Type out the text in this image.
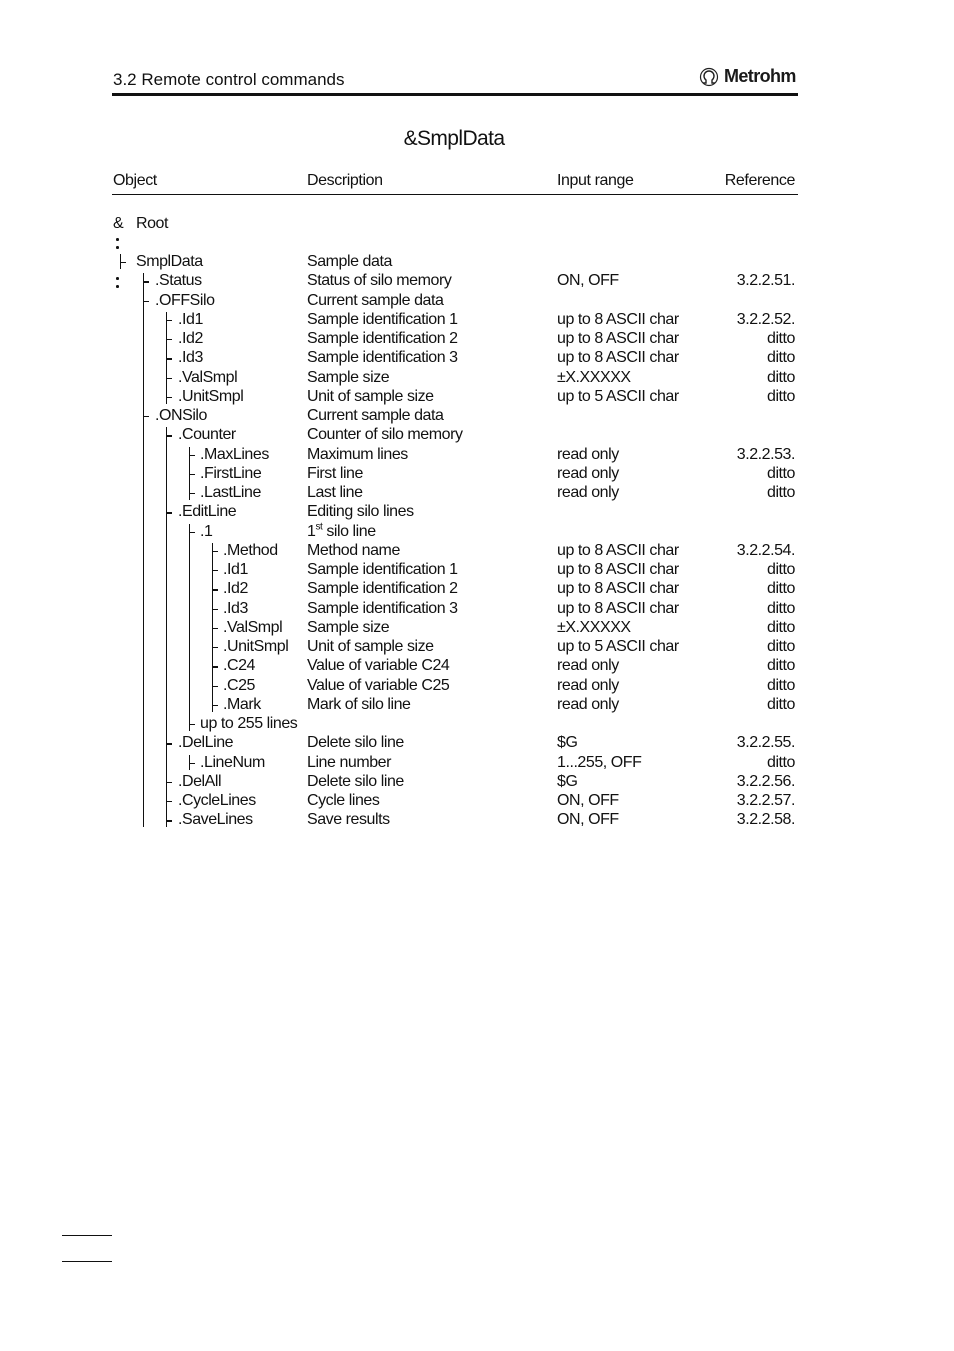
3.2 Remote control commands	Metrohm
&SmplData
Object	Description	Input range	Reference
& Root
SmplData	Sample data
.Status	Status of silo memory	ON, OFF	3.2.2.51.
.OFFSilo	Current sample data
.Id1	Sample identification 1	up to 8 ASCII char	3.2.2.52.
.Id2	Sample identification 2	up to 8 ASCII char	ditto
.Id3	Sample identification 3	up to 8 ASCII char	ditto
.ValSmpl	Sample size	±X.XXXXX	ditto
.UnitSmpl	Unit of sample size	up to 5 ASCII char	ditto
.ONSilo	Current sample data
.Counter	Counter of silo memory
.MaxLines Maximum lines	read only	3.2.2.53.
.FirstLine	First line	read only	ditto
.LastLine	Last line	read only	ditto
.EditLine	Editing silo lines
.1	1st silo line
.Method Method name	up to 8 ASCII char	3.2.2.54.
.Id1	Sample identification 1	up to 8 ASCII char	ditto
.Id2	Sample identification 2	up to 8 ASCII char	ditto
.Id3	Sample identification 3	up to 8 ASCII char	ditto
.ValSmpl Sample size	±X.XXXXX	ditto
.UnitSmpl Unit of sample size	up to 5 ASCII char	ditto
.C24	Value of variable C24	read only	ditto
.C25	Value of variable C25	read only	ditto
.Mark	Mark of silo line	read only	ditto
up to 255 lines
.DelLine	Delete silo line	$G	3.2.2.55.
.LineNum	Line number	1...255, OFF	ditto
.DelAll	Delete silo line	$G	3.2.2.56.
.CycleLines	Cycle lines	ON, OFF	3.2.2.57.
.SaveLines	Save results	ON, OFF	3.2.2.58.
